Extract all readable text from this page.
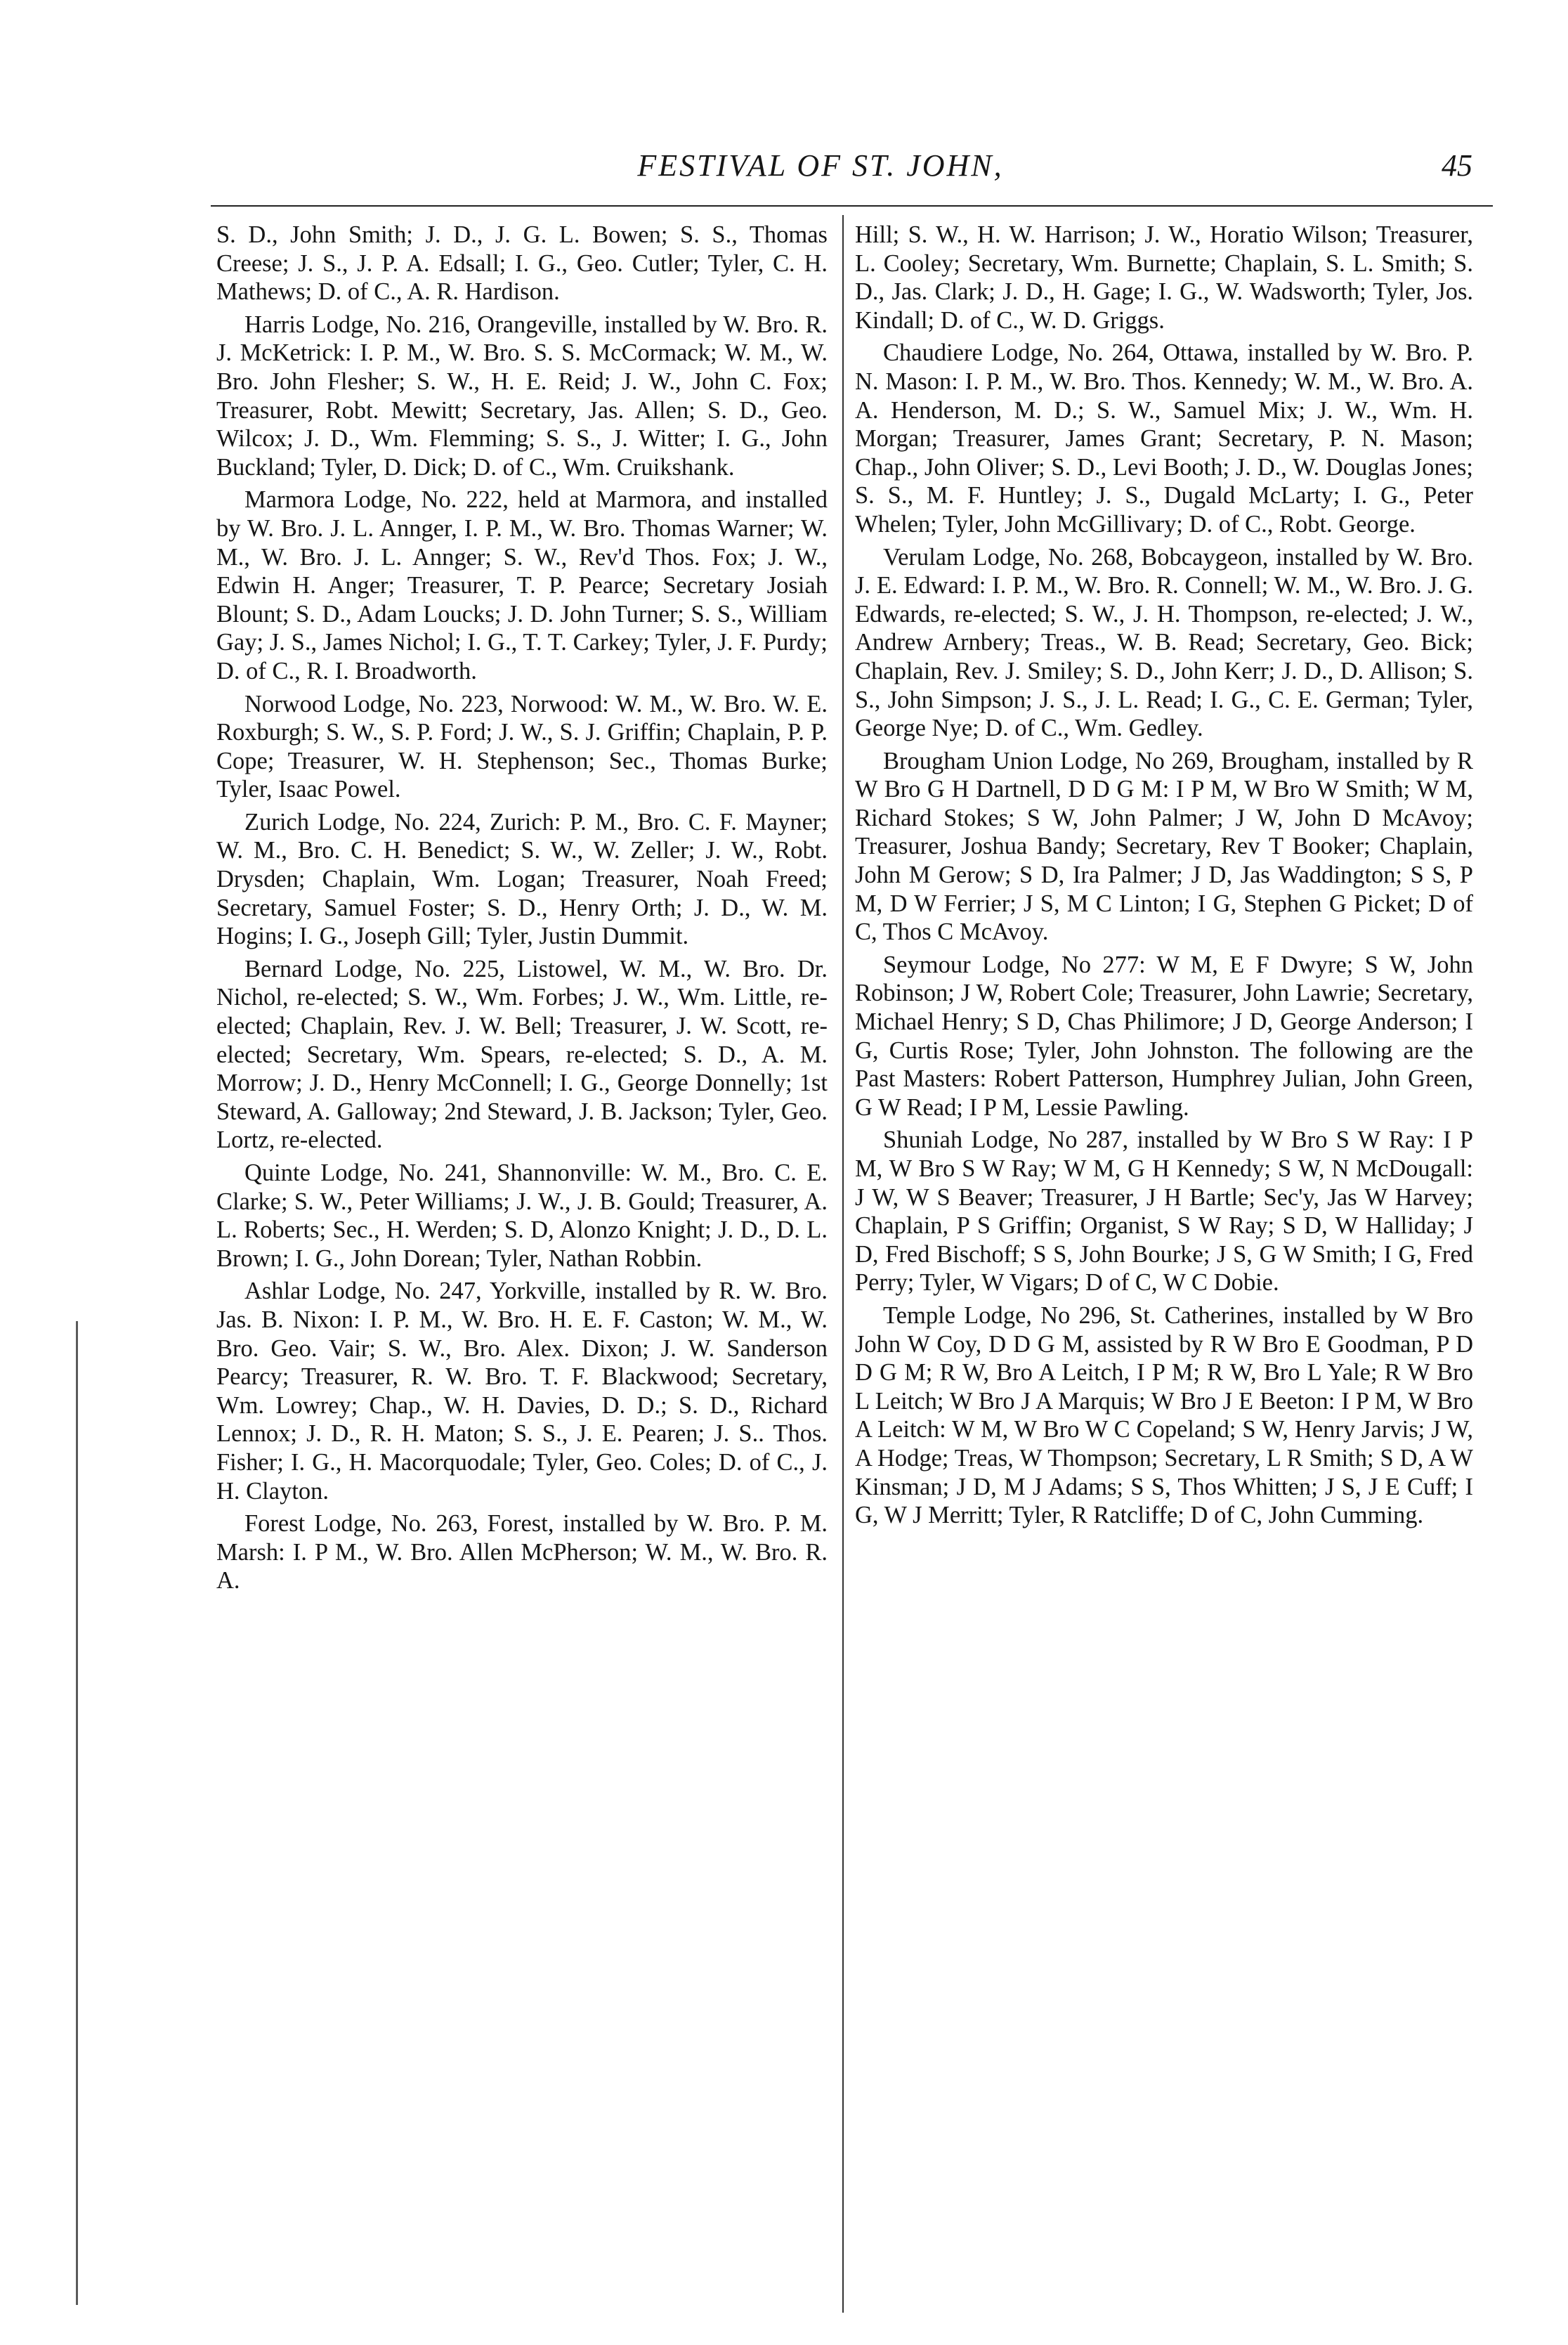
FESTIVAL OF ST. JOHN,	45

S. D., John Smith; J. D., J. G. L. Bowen; S. S., Thomas Creese; J. S., J. P. A. Edsall; I. G., Geo. Cutler; Tyler, C. H. Mathews; D. of C., A. R. Hardison.

Harris Lodge, No. 216, Orangeville, installed by W. Bro. R. J. McKetrick: I. P. M., W. Bro. S. S. McCormack; W. M., W. Bro. John Flesher; S. W., H. E. Reid; J. W., John C. Fox; Treasurer, Robt. Mewitt; Secretary, Jas. Allen; S. D., Geo. Wilcox; J. D., Wm. Flemming; S. S., J. Witter; I. G., John Buckland; Tyler, D. Dick; D. of C., Wm. Cruikshank.

Marmora Lodge, No. 222, held at Marmora, and installed by W. Bro. J. L. Annger, I. P. M., W. Bro. Thomas Warner; W. M., W. Bro. J. L. Annger; S. W., Rev'd Thos. Fox; J. W., Edwin H. Anger; Treasurer, T. P. Pearce; Secretary Josiah Blount; S. D., Adam Loucks; J. D. John Turner; S. S., William Gay; J. S., James Nichol; I. G., T. T. Carkey; Tyler, J. F. Purdy; D. of C., R. I. Broadworth.

Norwood Lodge, No. 223, Norwood: W. M., W. Bro. W. E. Roxburgh; S. W., S. P. Ford; J. W., S. J. Griffin; Chaplain, P. P. Cope; Treasurer, W. H. Stephenson; Sec., Thomas Burke; Tyler, Isaac Powel.

Zurich Lodge, No. 224, Zurich: P. M., Bro. C. F. Mayner; W. M., Bro. C. H. Benedict; S. W., W. Zeller; J. W., Robt. Drysden; Chaplain, Wm. Logan; Treasurer, Noah Freed; Secretary, Samuel Foster; S. D., Henry Orth; J. D., W. M. Hogins; I. G., Joseph Gill; Tyler, Justin Dummit.

Bernard Lodge, No. 225, Listowel, W. M., W. Bro. Dr. Nichol, re-elected; S. W., Wm. Forbes; J. W., Wm. Little, re-elected; Chaplain, Rev. J. W. Bell; Treasurer, J. W. Scott, re-elected; Secretary, Wm. Spears, re-elected; S. D., A. M. Morrow; J. D., Henry McConnell; I. G., George Donnelly; 1st Steward, A. Galloway; 2nd Steward, J. B. Jackson; Tyler, Geo. Lortz, re-elected.

Quinte Lodge, No. 241, Shannonville: W. M., Bro. C. E. Clarke; S. W., Peter Williams; J. W., J. B. Gould; Treasurer, A. L. Roberts; Sec., H. Werden; S. D, Alonzo Knight; J. D., D. L. Brown; I. G., John Dorean; Tyler, Nathan Robbin.

Ashlar Lodge, No. 247, Yorkville, installed by R. W. Bro. Jas. B. Nixon: I. P. M., W. Bro. H. E. F. Caston; W. M., W. Bro. Geo. Vair; S. W., Bro. Alex. Dixon; J. W. Sanderson Pearcy; Treasurer, R. W. Bro. T. F. Blackwood; Secretary, Wm. Lowrey; Chap., W. H. Davies, D. D.; S. D., Richard Lennox; J. D., R. H. Maton; S. S., J. E. Pearen; J. S.. Thos. Fisher; I. G., H. Macorquodale; Tyler, Geo. Coles; D. of C., J. H. Clayton.

Forest Lodge, No. 263, Forest, installed by W. Bro. P. M. Marsh: I. P M., W. Bro. Allen McPherson; W. M., W. Bro. R. A.

Hill; S. W., H. W. Harrison; J. W., Horatio Wilson; Treasurer, L. Cooley; Secretary, Wm. Burnette; Chaplain, S. L. Smith; S. D., Jas. Clark; J. D., H. Gage; I. G., W. Wadsworth; Tyler, Jos. Kindall; D. of C., W. D. Griggs.

Chaudiere Lodge, No. 264, Ottawa, installed by W. Bro. P. N. Mason: I. P. M., W. Bro. Thos. Kennedy; W. M., W. Bro. A. A. Henderson, M. D.; S. W., Samuel Mix; J. W., Wm. H. Morgan; Treasurer, James Grant; Secretary, P. N. Mason; Chap., John Oliver; S. D., Levi Booth; J. D., W. Douglas Jones; S. S., M. F. Huntley; J. S., Dugald McLarty; I. G., Peter Whelen; Tyler, John McGillivary; D. of C., Robt. George.

Verulam Lodge, No. 268, Bobcaygeon, installed by W. Bro. J. E. Edward: I. P. M., W. Bro. R. Connell; W. M., W. Bro. J. G. Edwards, re-elected; S. W., J. H. Thompson, re-elected; J. W., Andrew Arnbery; Treas., W. B. Read; Secretary, Geo. Bick; Chaplain, Rev. J. Smiley; S. D., John Kerr; J. D., D. Allison; S. S., John Simpson; J. S., J. L. Read; I. G., C. E. German; Tyler, George Nye; D. of C., Wm. Gedley.

Brougham Union Lodge, No 269, Brougham, installed by R W Bro G H Dartnell, D D G M: I P M, W Bro W Smith; W M, Richard Stokes; S W, John Palmer; J W, John D McAvoy; Treasurer, Joshua Bandy; Secretary, Rev T Booker; Chaplain, John M Gerow; S D, Ira Palmer; J D, Jas Waddington; S S, P M, D W Ferrier; J S, M C Linton; I G, Stephen G Picket; D of C, Thos C McAvoy.

Seymour Lodge, No 277: W M, E F Dwyre; S W, John Robinson; J W, Robert Cole; Treasurer, John Lawrie; Secretary, Michael Henry; S D, Chas Philimore; J D, George Anderson; I G, Curtis Rose; Tyler, John Johnston. The following are the Past Masters: Robert Patterson, Humphrey Julian, John Green, G W Read; I P M, Lessie Pawling.

Shuniah Lodge, No 287, installed by W Bro S W Ray: I P M, W Bro S W Ray; W M, G H Kennedy; S W, N McDougall: J W, W S Beaver; Treasurer, J H Bartle; Sec'y, Jas W Harvey; Chaplain, P S Griffin; Organist, S W Ray; S D, W Halliday; J D, Fred Bischoff; S S, John Bourke; J S, G W Smith; I G, Fred Perry; Tyler, W Vigars; D of C, W C Dobie.

Temple Lodge, No 296, St. Catherines, installed by W Bro John W Coy, D D G M, assisted by R W Bro E Goodman, P D D G M; R W, Bro A Leitch, I P M; R W, Bro L Yale; R W Bro L Leitch; W Bro J A Marquis; W Bro J E Beeton: I P M, W Bro A Leitch: W M, W Bro W C Copeland; S W, Henry Jarvis; J W, A Hodge; Treas, W Thompson; Secretary, L R Smith; S D, A W Kinsman; J D, M J Adams; S S, Thos Whitten; J S, J E Cuff; I G, W J Merritt; Tyler, R Ratcliffe; D of C, John Cumming.
